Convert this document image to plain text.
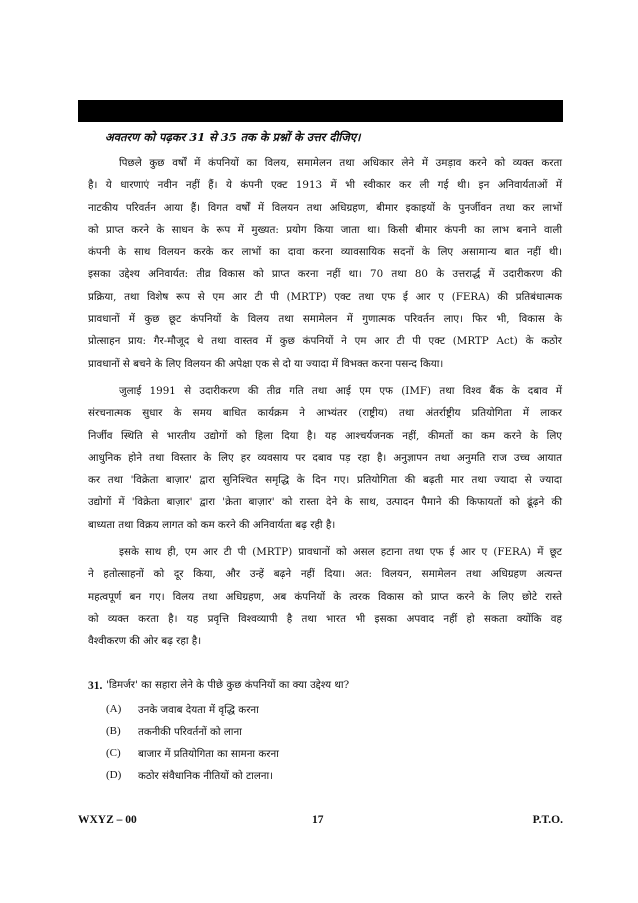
अवतरण को पढ़कर 31 से 35 तक के प्रश्नों के उत्तर दीजिए।

पिछले कुछ वर्षों में कंपनियों का विलय, समामेलन तथा अधिकार लेने में उमड़ाव करने को व्यक्त करता
है। ये धारणाएं नवीन नहीं हैं। ये कंपनी एक्ट 1913 में भी स्वीकार कर ली गई थी। इन अनिवार्यताओं में
नाटकीय परिवर्तन आया हैं। विगत वर्षों में विलयन तथा अधिग्रहण, बीमार इकाइयों के पुनर्जीवन तथा कर लाभों
को प्राप्त करने के साधन के रूप में मुख्यत: प्रयोग किया जाता था। किसी बीमार कंपनी का लाभ बनाने वाली
कंपनी के साथ विलयन करके कर लाभों का दावा करना व्यावसायिक सदनों के लिए असामान्य बात नहीं थी।
इसका उद्देश्य अनिवार्यत: तीव्र विकास को प्राप्त करना नहीं था। 70 तथा 80 के उत्तरार्द्ध में उदारीकरण की
प्रक्रिया, तथा विशेष रूप से एम आर टी पी (MRTP) एक्ट तथा एफ ई आर ए (FERA) की प्रतिबंधात्मक
प्रावधानों में कुछ छूट कंपनियों के विलय तथा समामेलन में गुणात्मक परिवर्तन लाए। फिर भी, विकास के
प्रोत्साहन प्राय: गैर-मौजूद थे तथा वास्तव में कुछ कंपनियों ने एम आर टी पी एक्ट (MRTP Act) के कठोर
प्रावधानों से बचने के लिए विलयन की अपेक्षा एक से दो या ज्यादा में विभक्त करना पसन्द किया।

जुलाई 1991 से उदारीकरण की तीव्र गति तथा आई एम एफ (IMF) तथा विश्व बैंक के दबाव में
संरचनात्मक सुधार के समय बाधित कार्यक्रम ने आभ्यंतर (राष्ट्रीय) तथा अंतर्राष्ट्रीय प्रतियोगिता में लाकर
निर्जीव स्थिति से भारतीय उद्योगों को हिला दिया है। यह आश्चर्यजनक नहीं, कीमतों का कम करने के लिए
आधुनिक होने तथा विस्तार के लिए हर व्यवसाय पर दबाव पड़ रहा है। अनुज्ञापन तथा अनुमति राज उच्च आयात
कर तथा 'विक्रेता बाज़ार' द्वारा सुनिश्चित समृद्धि के दिन गए। प्रतियोगिता की बढ़ती मार तथा ज्यादा से ज्यादा
उद्योगों में 'विक्रेता बाज़ार' द्वारा 'क्रेता बाज़ार' को रास्ता देने के साथ, उत्पादन पैमाने की किफायतों को ढूंढ़ने की
बाध्यता तथा विक्रय लागत को कम करने की अनिवार्यता बढ़ रही है।

इसके साथ ही, एम आर टी पी (MRTP) प्रावधानों को असल हटाना तथा एफ ई आर ए (FERA) में छूट
ने हतोत्साहनों को दूर किया, और उन्हें बढ़ने नहीं दिया। अत: विलयन, समामेलन तथा अधिग्रहण अत्यन्त
महत्वपूर्ण बन गए। विलय तथा अधिग्रहण, अब कंपनियों के त्वरक विकास को प्राप्त करने के लिए छोटे रास्ते
को व्यक्त करता है। यह प्रवृत्ति विश्वव्यापी है तथा भारत भी इसका अपवाद नहीं हो सकता क्योंकि वह
वैश्वीकरण की ओर बढ़ रहा है।

31. 'डिमर्जर' का सहारा लेने के पीछे कुछ कंपनियों का क्या उद्देश्य था?
(A) उनके जवाब देयता में वृद्धि करना
(B) तकनीकी परिवर्तनों को लाना
(C) बाजार में प्रतियोगिता का सामना करना
(D) कठोर संवैधानिक नीतियों को टालना।
WXYZ – 00	17	P.T.O.
